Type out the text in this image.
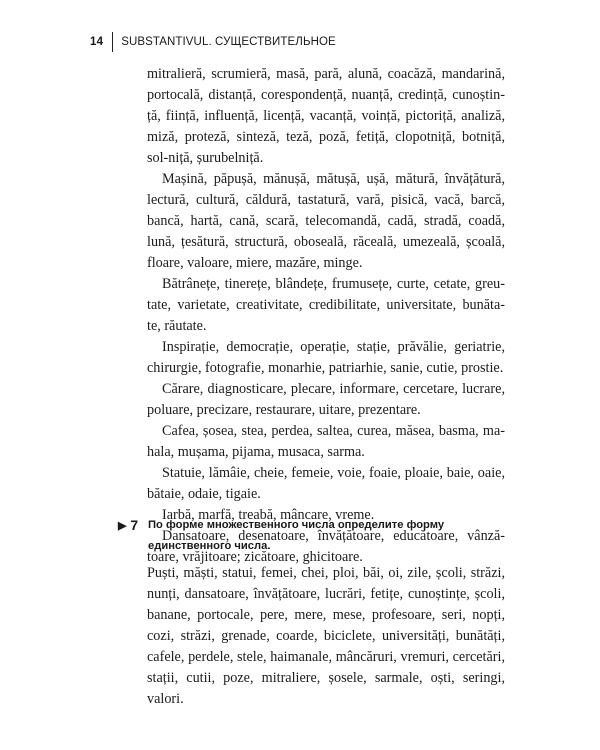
14 SUBSTANTIVUL. СУЩЕСТВИТЕЛЬНОЕ

mitralieră, scrumieră, masă, pară, alună, coacăză, mandarină, portocală, distanță, corespondență, nuanță, credință, cunoștin-ță, ființă, influență, licență, vacanță, voință, pictoriță, analiză, miză, proteză, sinteză, teză, poză, fetiță, clopotniță, botniță, sol-niță, șurubelniță.

Mașină, păpușă, mănușă, mătușă, ușă, mătură, învățătură, lectură, cultură, căldură, tastatură, vară, pisică, vacă, barcă, bancă, hartă, cană, scară, telecomandă, cadă, stradă, coadă, lună, țesătură, structură, oboseală, răceală, umezeală, școală, floare, valoare, miere, mazăre, minge.

Bătrânețe, tinerețe, blândețe, frumusețe, curte, cetate, greu-tate, varietate, creativitate, credibilitate, universitate, bunăta-te, răutate.

Inspirație, democrație, operație, stație, prăvălie, geriatrie, chirurgie, fotografie, monarhie, patriarhie, sanie, cutie, prostie.

Cărare, diagnosticare, plecare, informare, cercetare, lucrare, poluare, precizare, restaurare, uitare, prezentare.

Cafea, șosea, stea, perdea, saltea, curea, măsea, basma, ma-hala, mușama, pijama, musaca, sarma.

Statuie, lămâie, cheie, femeie, voie, foaie, ploaie, baie, oaie, bătaie, odaie, tigaie.

Iarbă, marfă, treabă, mâncare, vreme.

Dansatoare, desenatoare, învățătoare, educătoare, vânză-toare, vrăjitoare; zicătoare, ghicitoare.

▶ 7 По форме множественного числа определите форму единственного числа.
Puști, măști, statui, femei, chei, ploi, băi, oi, zile, școli, străzi, nunți, dansatoare, învățătoare, lucrări, fetițe, cunoștințe, școli, banane, portocale, pere, mere, mese, profesoare, seri, nopți, cozi, străzi, grenade, coarde, biciclete, universități, bunătăți, cafele, perdele, stele, haimanale, mâncăruri, vremuri, cercetări, stații, cutii, poze, mitraliere, șosele, sarmale, oști, seringi, valori.
